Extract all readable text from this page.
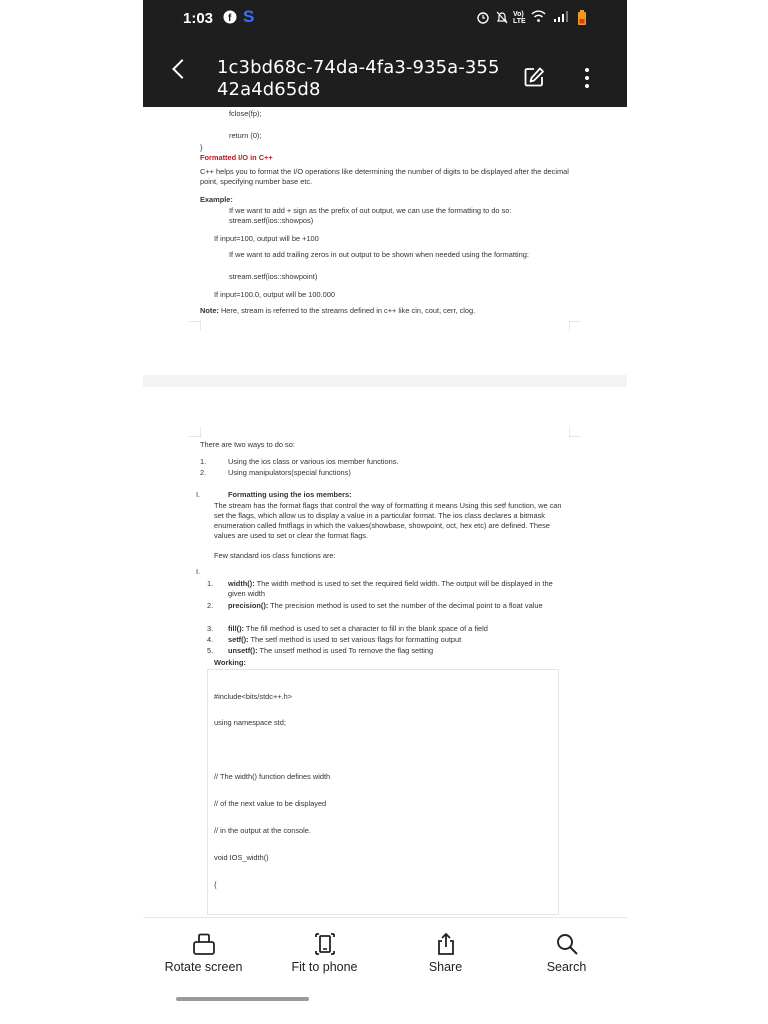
1:03 f S	Vo)
LTE
1c3bd68c-74da-4fa3-935a-355
42a4d65d8
fclose(fp);
return (0);
}
Formatted I/O in C++
C++ helps you to format the I/O operations like determining the number of digits to be displayed after the decimal point, specifying number base etc.
Example:
If we want to add + sign as the prefix of out output, we can use the formatting to do so:
stream.setf(ios::showpos)
If input=100, output will be +100
If we want to add trailing zeros in out output to be shown when needed using the formatting:
stream.setf(ios::showpoint)
If input=100.0, output will be 100.000
Note: Here, stream is referred to the streams defined in c++ like cin, cout, cerr, clog.
There are two ways to do so:
1.	Using the ios class or various ios member functions.
2.	Using manipulators(special functions)
I.	Formatting using the ios members:
The stream has the format flags that control the way of formatting it means Using this setf function, we can set the flags, which allow us to display a value in a particular format. The ios class declares a bitmask enumeration called fmtflags in which the values(showbase, showpoint, oct, hex etc) are defined. These values are used to set or clear the format flags.
Few standard ios class functions are:
I.
1. width(): The width method is used to set the required field width. The output will be displayed in the given width
2. precision(): The precision method is used to set the number of the decimal point to a float value
3. fill(): The fill method is used to set a character to fill in the blank space of a field
4. setf(): The setf method is used to set various flags for formatting output
5. unsetf(): The unsetf method is used To remove the flag setting
Working:
#include<bits/stdc++.h>
using namespace std;
// The width() function defines width
// of the next value to be displayed
// in the output at the console.
void IOS_width()
{
Rotate screen	Fit to phone	Share	Search
